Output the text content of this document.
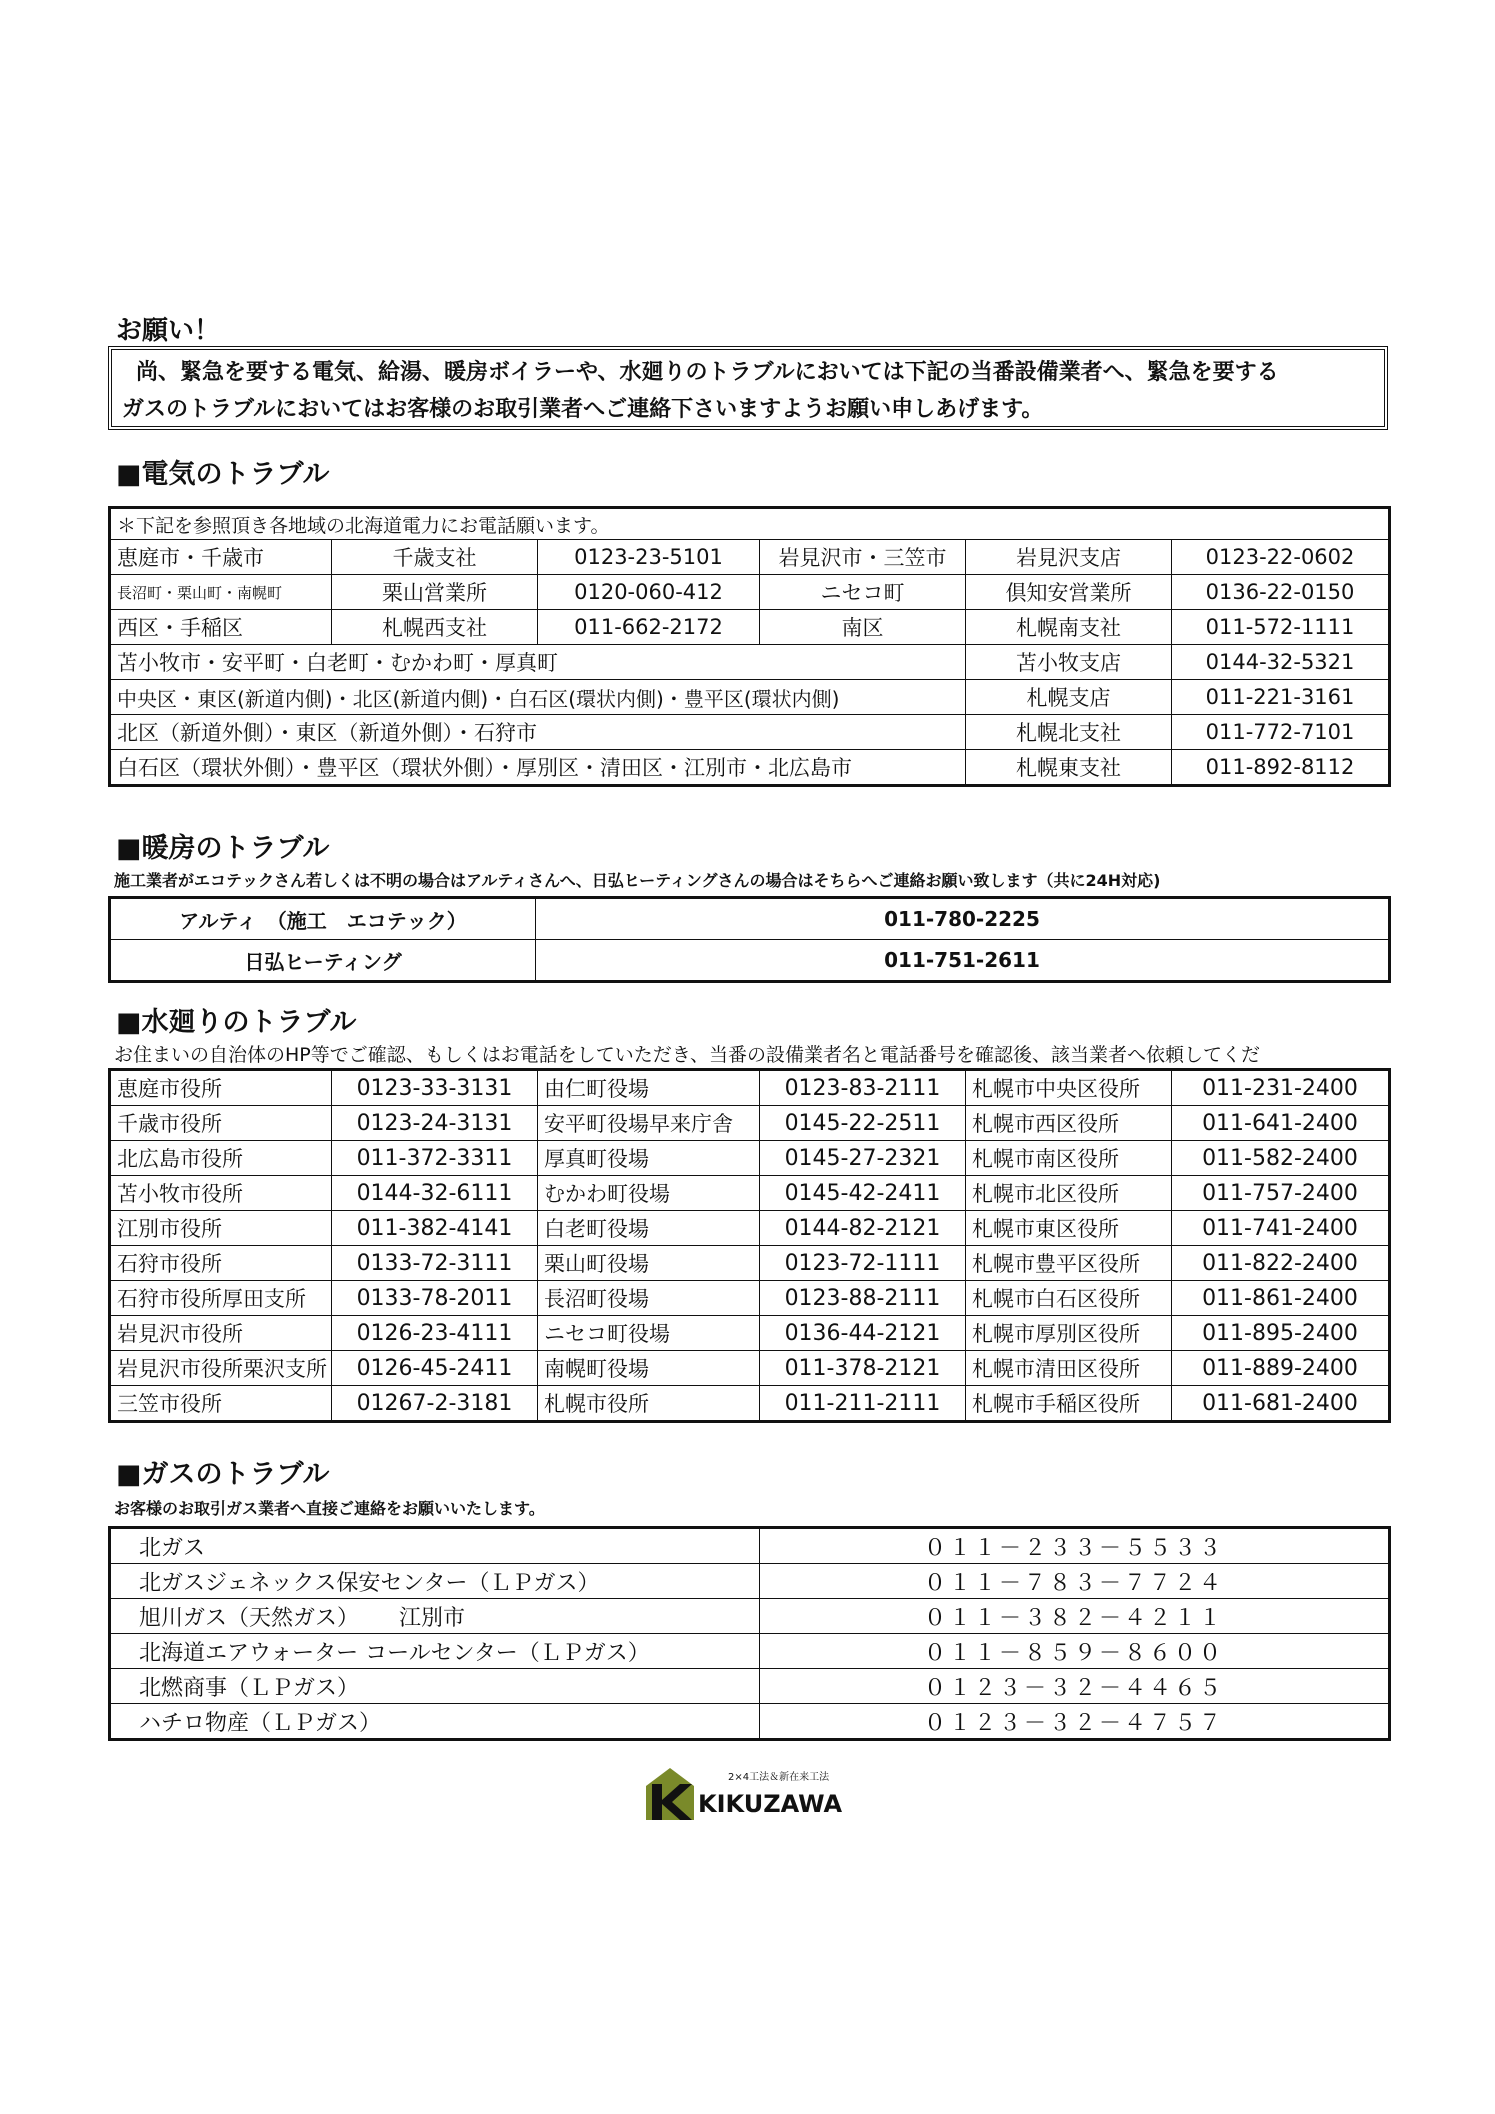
お願い！
尚、緊急を要する電気、給湯、暖房ボイラーや、水廻りのトラブルにおいては下記の当番設備業者へ、緊急を要する
ガスのトラブルにおいてはお客様のお取引業者へご連絡下さいますようお願い申しあげます。
■電気のトラブル
＊下記を参照頂き各地域の北海道電力にお電話願います。					
恵庭市・千歳市	千歳支社	0123-23-5101	岩見沢市・三笠市	岩見沢支店	0123-22-0602
長沼町・栗山町・南幌町	栗山営業所	0120-060-412	ニセコ町	倶知安営業所	0136-22-0150
西区・手稲区	札幌西支社	011-662-2172	南区	札幌南支社	011-572-1111
苫小牧市・安平町・白老町・むかわ町・厚真町				苫小牧支店	0144-32-5321
中央区・東区(新道内側)・北区(新道内側)・白石区(環状内側)・豊平区(環状内側)				札幌支店	011-221-3161
北区（新道外側）・東区（新道外側）・石狩市				札幌北支社	011-772-7101
白石区（環状外側）・豊平区（環状外側）・厚別区・清田区・江別市・北広島市				札幌東支社	011-892-8112
■暖房のトラブル
施工業者がエコテックさん若しくは不明の場合はアルティさんへ、日弘ヒーティングさんの場合はそちらへご連絡お願い致します（共に24H対応)
アルティ　（施工　エコテック）	011-780-2225
日弘ヒーティング	011-751-2611
■水廻りのトラブル
お住まいの自治体のHP等でご確認、もしくはお電話をしていただき、当番の設備業者名と電話番号を確認後、該当業者へ依頼してくだ
恵庭市役所	0123-33-3131	由仁町役場	0123-83-2111	札幌市中央区役所	011-231-2400
千歳市役所	0123-24-3131	安平町役場早来庁舎	0145-22-2511	札幌市西区役所	011-641-2400
北広島市役所	011-372-3311	厚真町役場	0145-27-2321	札幌市南区役所	011-582-2400
苫小牧市役所	0144-32-6111	むかわ町役場	0145-42-2411	札幌市北区役所	011-757-2400
江別市役所	011-382-4141	白老町役場	0144-82-2121	札幌市東区役所	011-741-2400
石狩市役所	0133-72-3111	栗山町役場	0123-72-1111	札幌市豊平区役所	011-822-2400
石狩市役所厚田支所	0133-78-2011	長沼町役場	0123-88-2111	札幌市白石区役所	011-861-2400
岩見沢市役所	0126-23-4111	ニセコ町役場	0136-44-2121	札幌市厚別区役所	011-895-2400
岩見沢市役所栗沢支所	0126-45-2411	南幌町役場	011-378-2121	札幌市清田区役所	011-889-2400
三笠市役所	01267-2-3181	札幌市役所	011-211-2111	札幌市手稲区役所	011-681-2400
■ガスのトラブル
お客様のお取引ガス業者へ直接ご連絡をお願いいたします。
北ガス	０１１－２３３－５５３３
北ガスジェネックス保安センター（ＬＰガス）	０１１－７８３－７７２４
旭川ガス（天然ガス）　　 江別市	０１１－３８２－４２１１
北海道エアウォーター コールセンター（ＬＰガス）	０１１－８５９－８６００
北燃商事（ＬＰガス）	０１２３－３２－４４６５
ハチロ物産（ＬＰガス）	０１２３－３２－４７５７
2×4工法＆新在来工法
KIKUZAWA
